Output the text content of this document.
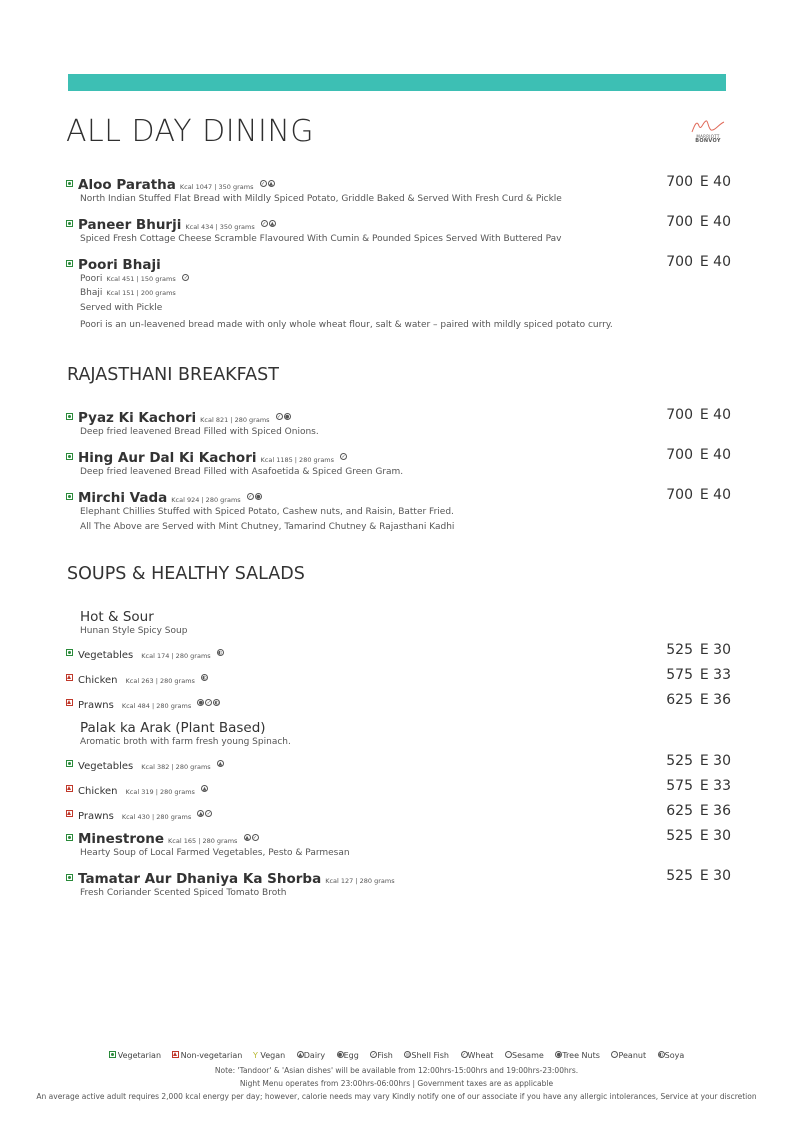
ALL DAY DINING	MARRIOTT
BONVOY
Aloo Paratha Kcal 1047 | 350 grams ✓ ▲
North Indian Stuffed Flat Bread with Mildly Spiced Potato, Griddle Baked & Served With Fresh Curd & Pickle
700 E 40
Paneer Bhurji Kcal 434 | 350 grams ✓ ▲
Spiced Fresh Cottage Cheese Scramble Flavoured With Cumin & Pounded Spices Served With Buttered Pav
700 E 40
Poori Bhaji
Poori Kcal 451 | 150 grams ✓
Bhaji Kcal 151 | 200 grams
Served with Pickle
Poori is an un-leavened bread made with only whole wheat flour, salt & water – paired with mildly spiced potato curry.
700 E 40
RAJASTHANI BREAKFAST
Pyaz Ki Kachori Kcal 821 | 280 grams ✓ ●
Deep fried leavened Bread Filled with Spiced Onions.
700 E 40
Hing Aur Dal Ki Kachori Kcal 1185 | 280 grams ✓
Deep fried leavened Bread Filled with Asafoetida & Spiced Green Gram.
700 E 40
Mirchi Vada Kcal 924 | 280 grams ✓ ●
Elephant Chillies Stuffed with Spiced Potato, Cashew nuts, and Raisin, Batter Fried.
All The Above are Served with Mint Chutney, Tamarind Chutney & Rajasthani Kadhi
700 E 40
SOUPS & HEALTHY SALADS
Hot & Sour
Hunan Style Spicy Soup
Vegetables Kcal 174 | 280 grams ◐	525 E 30
Chicken Kcal 263 | 280 grams ◐	575 E 33
Prawns Kcal 484 | 280 grams ● ✓ ◐	625 E 36
Palak ka Arak (Plant Based)
Aromatic broth with farm fresh young Spinach.
Vegetables Kcal 382 | 280 grams ▲	525 E 30
Chicken Kcal 319 | 280 grams ▲	575 E 33
Prawns Kcal 430 | 280 grams ▲ ✓	625 E 36
Minestrone Kcal 165 | 280 grams ▲ ✓
Hearty Soup of Local Farmed Vegetables, Pesto & Parmesan
525 E 30
Tamatar Aur Dhaniya Ka Shorba Kcal 127 | 280 grams
Fresh Coriander Scented Spiced Tomato Broth
525 E 30
Vegetarian Non-vegetarian Y Vegan	▲ Dairy	●Egg	✓Fish	◎Shell Fish	✓Wheat	◦ Sesame	●Tree Nuts	◦ Peanut	◐Soya
Note: 'Tandoor' & 'Asian dishes' will be available from 12:00hrs-15:00hrs and 19:00hrs-23:00hrs.
Night Menu operates from 23:00hrs-06:00hrs | Government taxes are as applicable
An average active adult requires 2,000 kcal energy per day; however, calorie needs may vary Kindly notify one of our associate if you have any allergic intolerances, Service at your discretion
